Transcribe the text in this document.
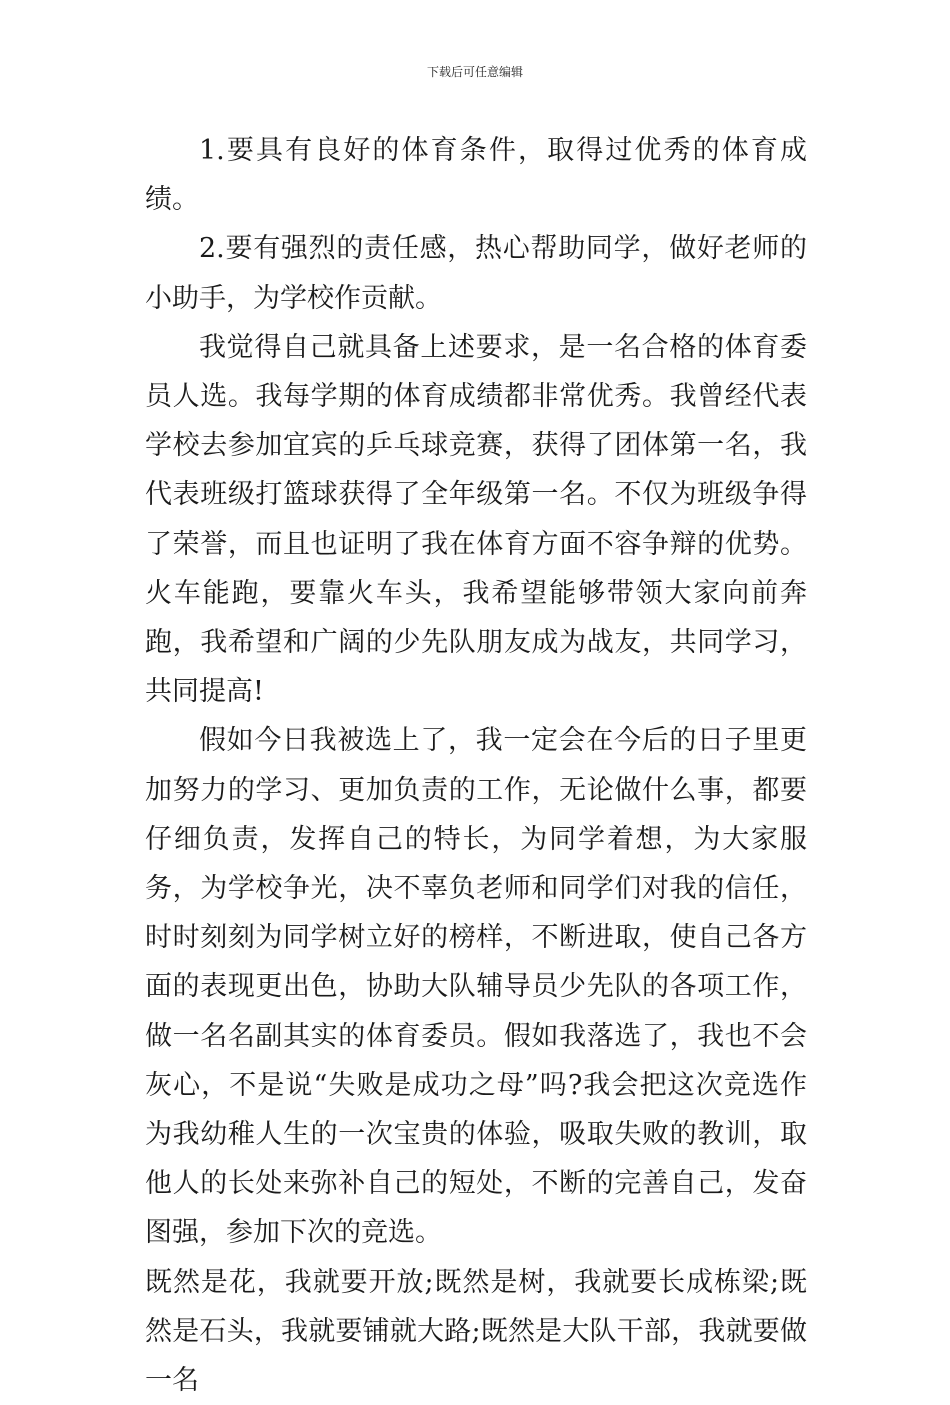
下载后可任意编辑

1.要具有良好的体育条件，取得过优秀的体育成绩。

2.要有强烈的责任感，热心帮助同学，做好老师的小助手，为学校作贡献。

我觉得自己就具备上述要求，是一名合格的体育委员人选。我每学期的体育成绩都非常优秀。我曾经代表学校去参加宜宾的乒乓球竞赛，获得了团体第一名，我代表班级打篮球获得了全年级第一名。不仅为班级争得了荣誉，而且也证明了我在体育方面不容争辩的优势。火车能跑，要靠火车头，我希望能够带领大家向前奔跑，我希望和广阔的少先队朋友成为战友，共同学习，共同提高!

假如今日我被选上了，我一定会在今后的日子里更加努力的学习、更加负责的工作，无论做什么事，都要仔细负责，发挥自己的特长，为同学着想，为大家服务，为学校争光，决不辜负老师和同学们对我的信任，时时刻刻为同学树立好的榜样，不断进取，使自己各方面的表现更出色，协助大队辅导员少先队的各项工作，做一名名副其实的体育委员。假如我落选了，我也不会灰心，不是说“失败是成功之母”吗?我会把这次竞选作为我幼稚人生的一次宝贵的体验，吸取失败的教训，取他人的长处来弥补自己的短处，不断的完善自己，发奋图强，参加下次的竞选。

既然是花，我就要开放;既然是树，我就要长成栋梁;既然是石头，我就要铺就大路;既然是大队干部，我就要做一名
